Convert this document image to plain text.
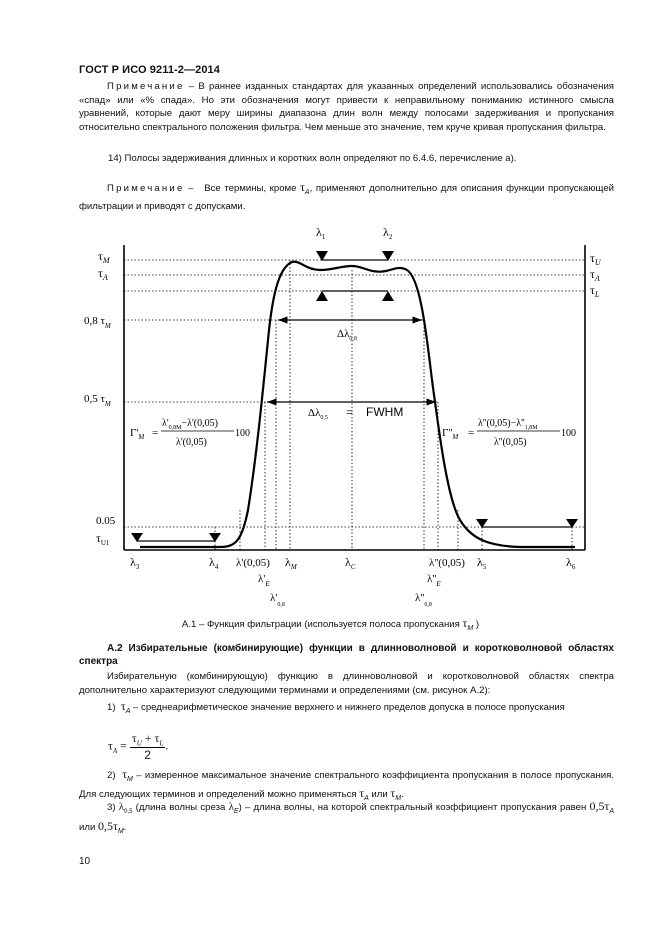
ГОСТ Р ИСО 9211-2—2014
Примечание – В раннее изданных стандартах для указанных определений использовались обозначения «спад» или «% спада». Но эти обозначения могут привести к неправильному пониманию истинного смысла уравнений, которые дают меру ширины диапазона длин волн между полосами задерживания и пропускания относительно спектрального положения фильтра. Чем меньше это значение, тем круче кривая пропускания фильтра.
14) Полосы задерживания длинных и коротких волн определяют по 6.4.6, перечисление а).
Примечание – Все термины, кроме $\tau_A$, применяют дополнительно для описания функции пропускающей фильтрации и приводят с допусками.
$\tau_M$
$\tau_A$
0,8 $\tau_M$
0,5 $\tau_M$
0.05
$\tau_{U1}$
$\tau_U$
$\tau_A$
$\tau_L$
$\lambda_1$	$\lambda_2$
$\Delta\lambda_{0,8}$
$\Delta\lambda_{0,5}$ = FWHM
$\Gamma'_M$ =
$\lambda'_{0,8M}-\lambda'(0,05)$
λ'(0,05)
100	$\Gamma''_M$ =
$\lambda''(0,05)-\lambda''_{1,8M}$
λ''(0,05)
100
$\lambda_3$	$\lambda_4$ λ'(0,05) $\lambda_M$	$\lambda_C$	λ''(0,05) $\lambda_5$	$\lambda_6$
$\lambda'_E$	$\lambda''_E$
$\lambda'_{0,8}$
$\lambda''_{0,8}$
А.1 – Функция фильтрации (используется полоса пропускания $\tau_M$ )
А.2 Избирательные (комбинирующие) функции в длинноволновой и коротковолновой областях спектра
Избирательную (комбинирующую) функцию в длинноволновой и коротковолновой областях спектра дополнительно характеризуют следующими терминами и определениями (см. рисунок А.2):
1) $\tau_A$ – среднеарифметическое значение верхнего и нижнего пределов допуска в полосе пропускания
$\tau_A = \frac{\tau_U + \tau_L}{2}$ .
2) $\tau_M$ – измеренное максимальное значение спектрального коэффициента пропускания в полосе пропускания. Для следующих терминов и определений можно применяться $\tau_A$ или $\tau_M$.
3) $\lambda_{0,5}$ (длина волны среза $\lambda_E$) – длина волны, на которой спектральный коэффициент пропускания равен $0,5\tau_A$ или $0,5\tau_M$.
10
